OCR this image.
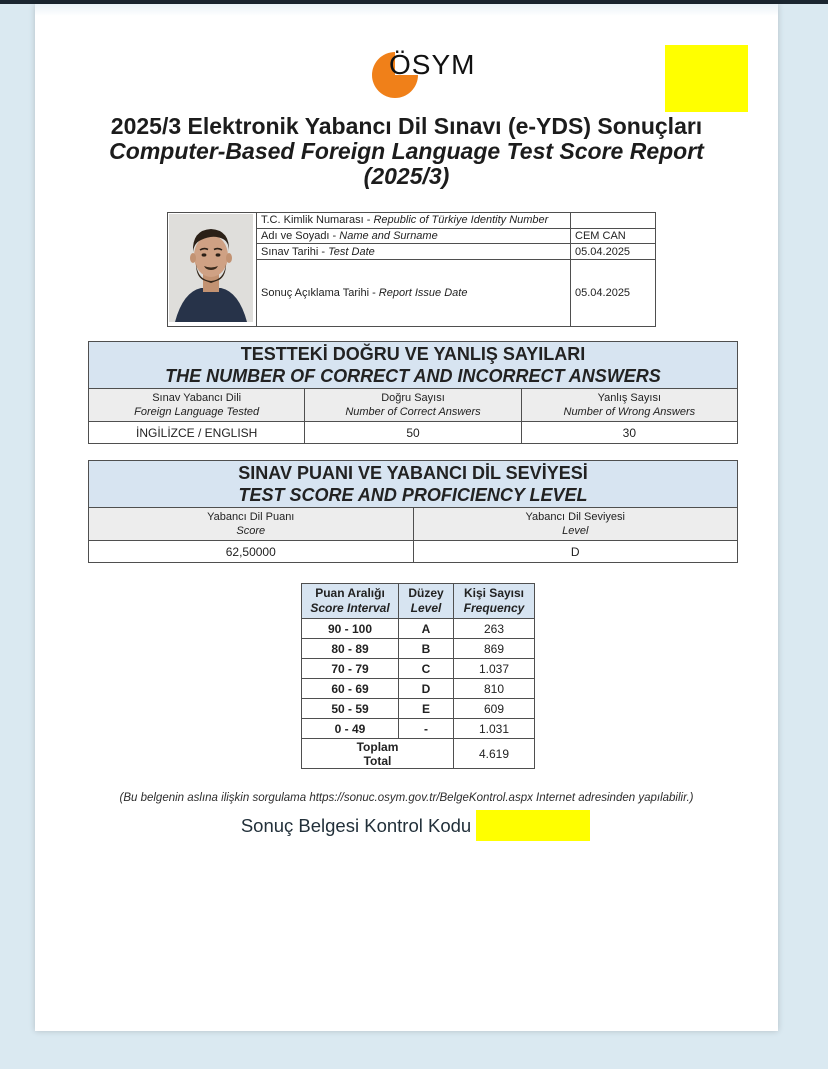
ÖSYM
2025/3 Elektronik Yabancı Dil Sınavı (e-YDS) Sonuçları
Computer-Based Foreign Language Test Score Report
(2025/3)
	T.C. Kimlik Numarası - Republic of Türkiye Identity Number	

	Adı ve Soyadı - Name and Surname	CEM CAN
	Sınav Tarihi - Test Date	05.04.2025
	Sonuç Açıklama Tarihi - Report Issue Date	05.04.2025
TESTTEKİ DOĞRU VE YANLIŞ SAYILARI
THE NUMBER OF CORRECT AND INCORRECT ANSWERS		

Sınav Yabancı Dili
Foreign Language Tested

Doğru Sayısı
Number of Correct Answers

Yanlış Sayısı
Number of Wrong Answers

İNGİLİZCE / ENGLISH	50	30
SINAV PUANI VE YABANCI DİL SEVİYESİ
TEST SCORE AND PROFICIENCY LEVEL	

Yabancı Dil Puanı
Score

Yabancı Dil Seviyesi
Level

62,50000	D
Puan Aralığı
Score Interval

Düzey
Level

Kişi Sayısı
Frequency

90 - 100	A	263
80 - 89	B	869
70 - 79	C	1.037
60 - 69	D	810
50 - 59	E	609
0 - 49	-	1.031

Toplam
Total		4.619
(Bu belgenin aslına ilişkin sorgulama https://sonuc.osym.gov.tr/BelgeKontrol.aspx Internet adresinden yapılabilir.)
Sonuç Belgesi Kontrol Kodu
